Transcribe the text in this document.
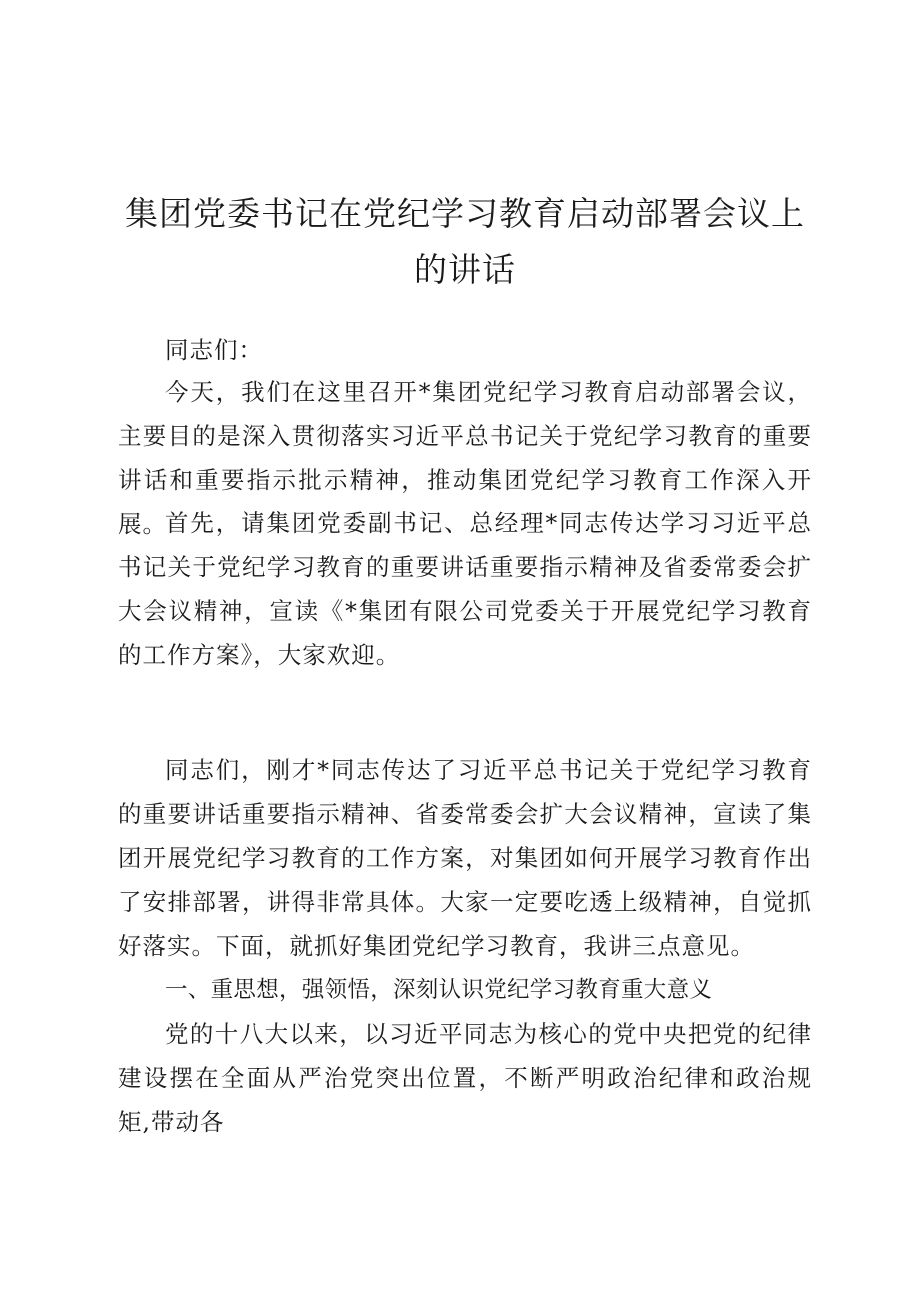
集团党委书记在党纪学习教育启动部署会议上的讲话

同志们：

今天，我们在这里召开*集团党纪学习教育启动部署会议，主要目的是深入贯彻落实习近平总书记关于党纪学习教育的重要讲话和重要指示批示精神，推动集团党纪学习教育工作深入开展。

首先，请集团党委副书记、总经理*同志传达学习习近平总书记关于党纪学习教育的重要讲话重要指示精神及省委常委会扩大会议精神，宣读《*集团有限公司党委关于开展党纪学习教育的工作方案》，大家欢迎。

同志们，刚才*同志传达了习近平总书记关于党纪学习教育的重要讲话重要指示精神、省委常委会扩大会议精神，宣读了集团开展党纪学习教育的工作方案，对集团如何开展学习教育作出了安排部署，讲得非常具体。大家一定要吃透上级精神，自觉抓好落实。下面，就抓好集团党纪学习教育，我讲三点意见。

一、重思想，强领悟，深刻认识党纪学习教育重大意义

党的十八大以来，以习近平同志为核心的党中央把党的纪律建设摆在全面从严治党突出位置，不断严明政治纪律和政治规矩,带动各
